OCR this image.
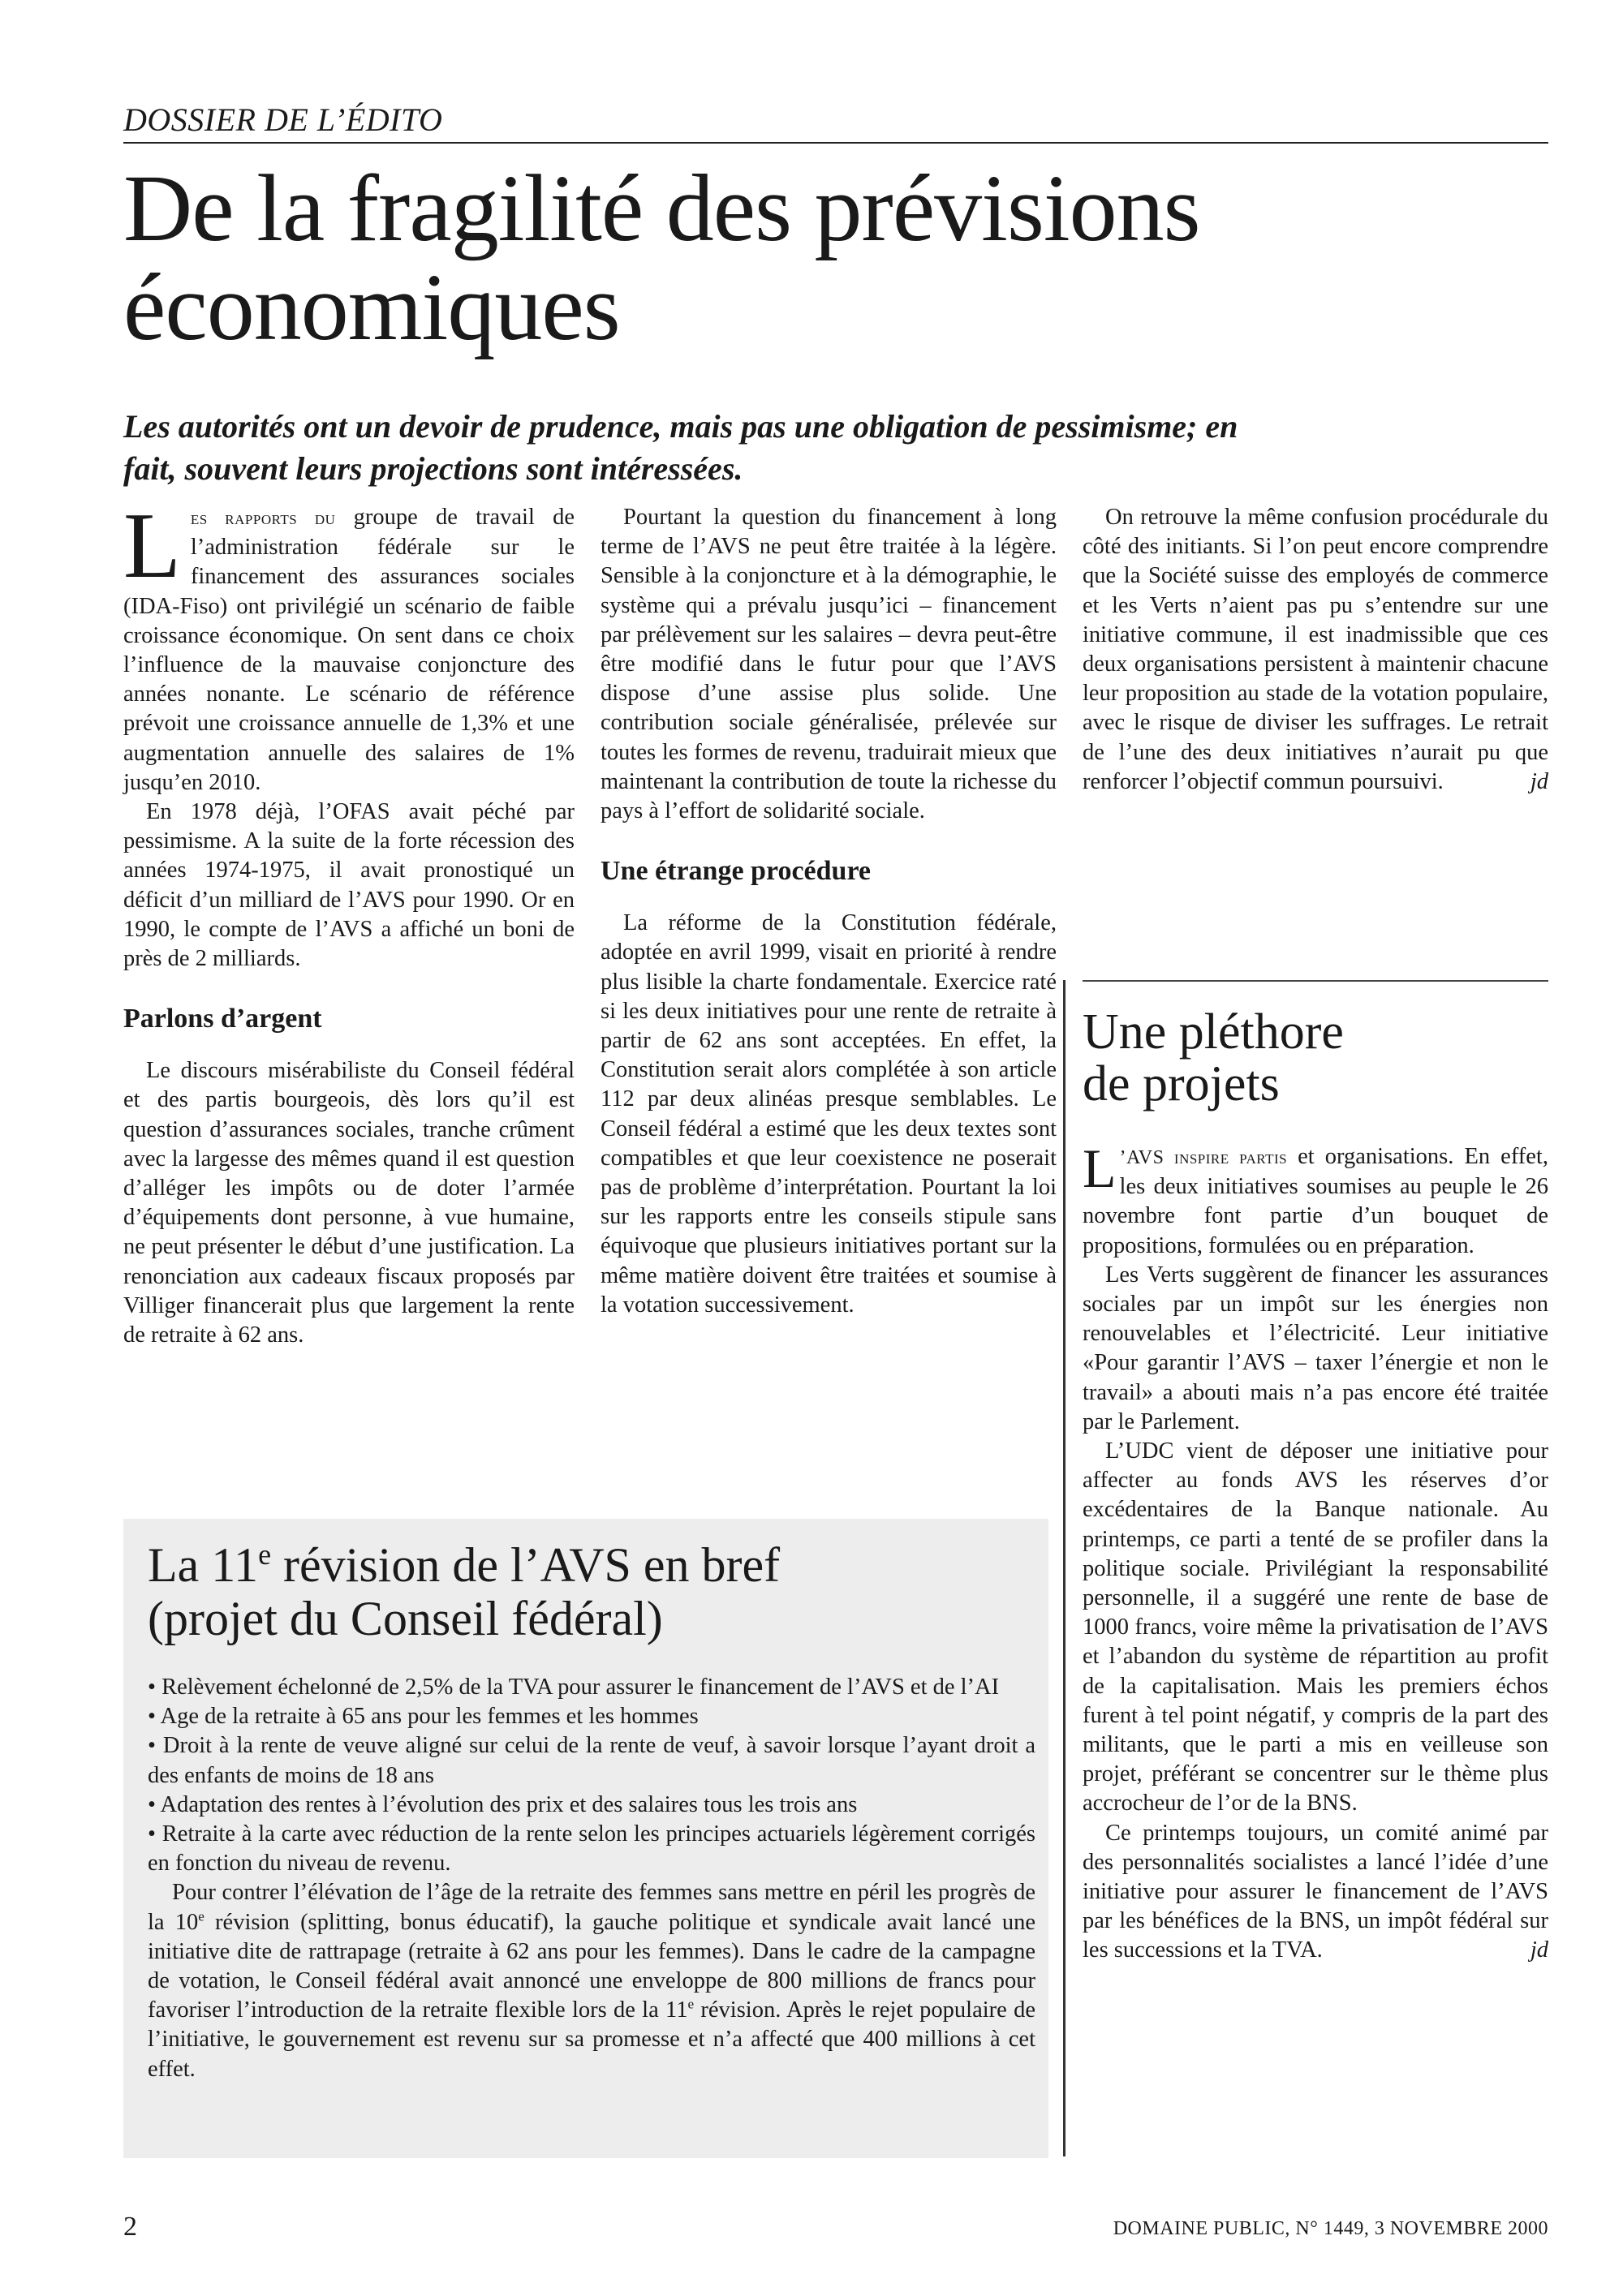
DOSSIER DE L’ÉDITO
De la fragilité des prévisions économiques
Les autorités ont un devoir de prudence, mais pas une obligation de pessimisme; en fait, souvent leurs projections sont intéressées.

Les rapports du groupe de travail de l’administration fédérale sur le financement des assurances sociales (IDA-Fiso) ont privilégié un scénario de faible croissance économique. On sent dans ce choix l’influence de la mauvaise conjoncture des années nonante. Le scénario de référence prévoit une croissance annuelle de 1,3% et une augmentation annuelle des salaires de 1% jusqu’en 2010.

En 1978 déjà, l’OFAS avait péché par pessimisme. A la suite de la forte récession des années 1974-1975, il avait pronostiqué un déficit d’un milliard de l’AVS pour 1990. Or en 1990, le compte de l’AVS a affiché un boni de près de 2 milliards.

Parlons d’argent

Le discours misérabiliste du Conseil fédéral et des partis bourgeois, dès lors qu’il est question d’assurances sociales, tranche crûment avec la largesse des mêmes quand il est question d’alléger les impôts ou de doter l’armée d’équipements dont personne, à vue humaine, ne peut présenter le début d’une justification. La renonciation aux cadeaux fiscaux proposés par Villiger financerait plus que largement la rente de retraite à 62 ans.

Pourtant la question du financement à long terme de l’AVS ne peut être traitée à la légère. Sensible à la conjoncture et à la démographie, le système qui a prévalu jusqu’ici – financement par prélèvement sur les salaires – devra peut-être être modifié dans le futur pour que l’AVS dispose d’une assise plus solide. Une contribution sociale généralisée, prélevée sur toutes les formes de revenu, traduirait mieux que maintenant la contribution de toute la richesse du pays à l’effort de solidarité sociale.

Une étrange procédure

La réforme de la Constitution fédérale, adoptée en avril 1999, visait en priorité à rendre plus lisible la charte fondamentale. Exercice raté si les deux initiatives pour une rente de retraite à partir de 62 ans sont acceptées. En effet, la Constitution serait alors complétée à son article 112 par deux alinéas presque semblables. Le Conseil fédéral a estimé que les deux textes sont compatibles et que leur coexistence ne poserait pas de problème d’interprétation. Pourtant la loi sur les rapports entre les conseils stipule sans équivoque que plusieurs initiatives portant sur la même matière doivent être traitées et soumise à la votation successivement.

On retrouve la même confusion procédurale du côté des initiants. Si l’on peut encore comprendre que la Société suisse des employés de commerce et les Verts n’aient pas pu s’entendre sur une initiative commune, il est inadmissible que ces deux organisations persistent à maintenir chacune leur proposition au stade de la votation populaire, avec le risque de diviser les suffrages. Le retrait de l’une des deux initiatives n’aurait pu que renforcer l’objectif commun poursuivi.	jd

Une pléthore
de projets

L ’AVS inspire partis et organisations. En effet, les deux initiatives soumises au peuple le 26 novembre font partie d’un bouquet de propositions, formulées ou en préparation.

Les Verts suggèrent de financer les assurances sociales par un impôt sur les énergies non renouvelables et l’électricité. Leur initiative «Pour garantir l’AVS – taxer l’énergie et non le travail» a abouti mais n’a pas encore été traitée par le Parlement.

L’UDC vient de déposer une initiative pour affecter au fonds AVS les réserves d’or excédentaires de la Banque nationale. Au printemps, ce parti a tenté de se profiler dans la politique sociale. Privilégiant la responsabilité personnelle, il a suggéré une rente de base de 1000 francs, voire même la privatisation de l’AVS et l’abandon du système de répartition au profit de la capitalisation. Mais les premiers échos furent à tel point négatif, y compris de la part des militants, que le parti a mis en veilleuse son projet, préférant se concentrer sur le thème plus accrocheur de l’or de la BNS.

Ce printemps toujours, un comité animé par des personnalités socialistes a lancé l’idée d’une initiative pour assurer le financement de l’AVS par les bénéfices de la BNS, un impôt fédéral sur les successions et la TVA.	jd

La 11e révision de l’AVS en bref
(projet du Conseil fédéral)

• Relèvement échelonné de 2,5% de la TVA pour assurer le financement de l’AVS et de l’AI

• Age de la retraite à 65 ans pour les femmes et les hommes

• Droit à la rente de veuve aligné sur celui de la rente de veuf, à savoir lorsque l’ayant droit a des enfants de moins de 18 ans

• Adaptation des rentes à l’évolution des prix et des salaires tous les trois ans

• Retraite à la carte avec réduction de la rente selon les principes actuariels légèrement corrigés en fonction du niveau de revenu.

Pour contrer l’élévation de l’âge de la retraite des femmes sans mettre en péril les progrès de la 10e révision (splitting, bonus éducatif), la gauche politique et syndicale avait lancé une initiative dite de rattrapage (retraite à 62 ans pour les femmes). Dans le cadre de la campagne de votation, le Conseil fédéral avait annoncé une enveloppe de 800 millions de francs pour favoriser l’introduction de la retraite flexible lors de la 11e révision. Après le rejet populaire de l’initiative, le gouvernement est revenu sur sa promesse et n’a affecté que 400 millions à cet effet.

2	DOMAINE PUBLIC, N° 1449, 3 NOVEMBRE 2000
